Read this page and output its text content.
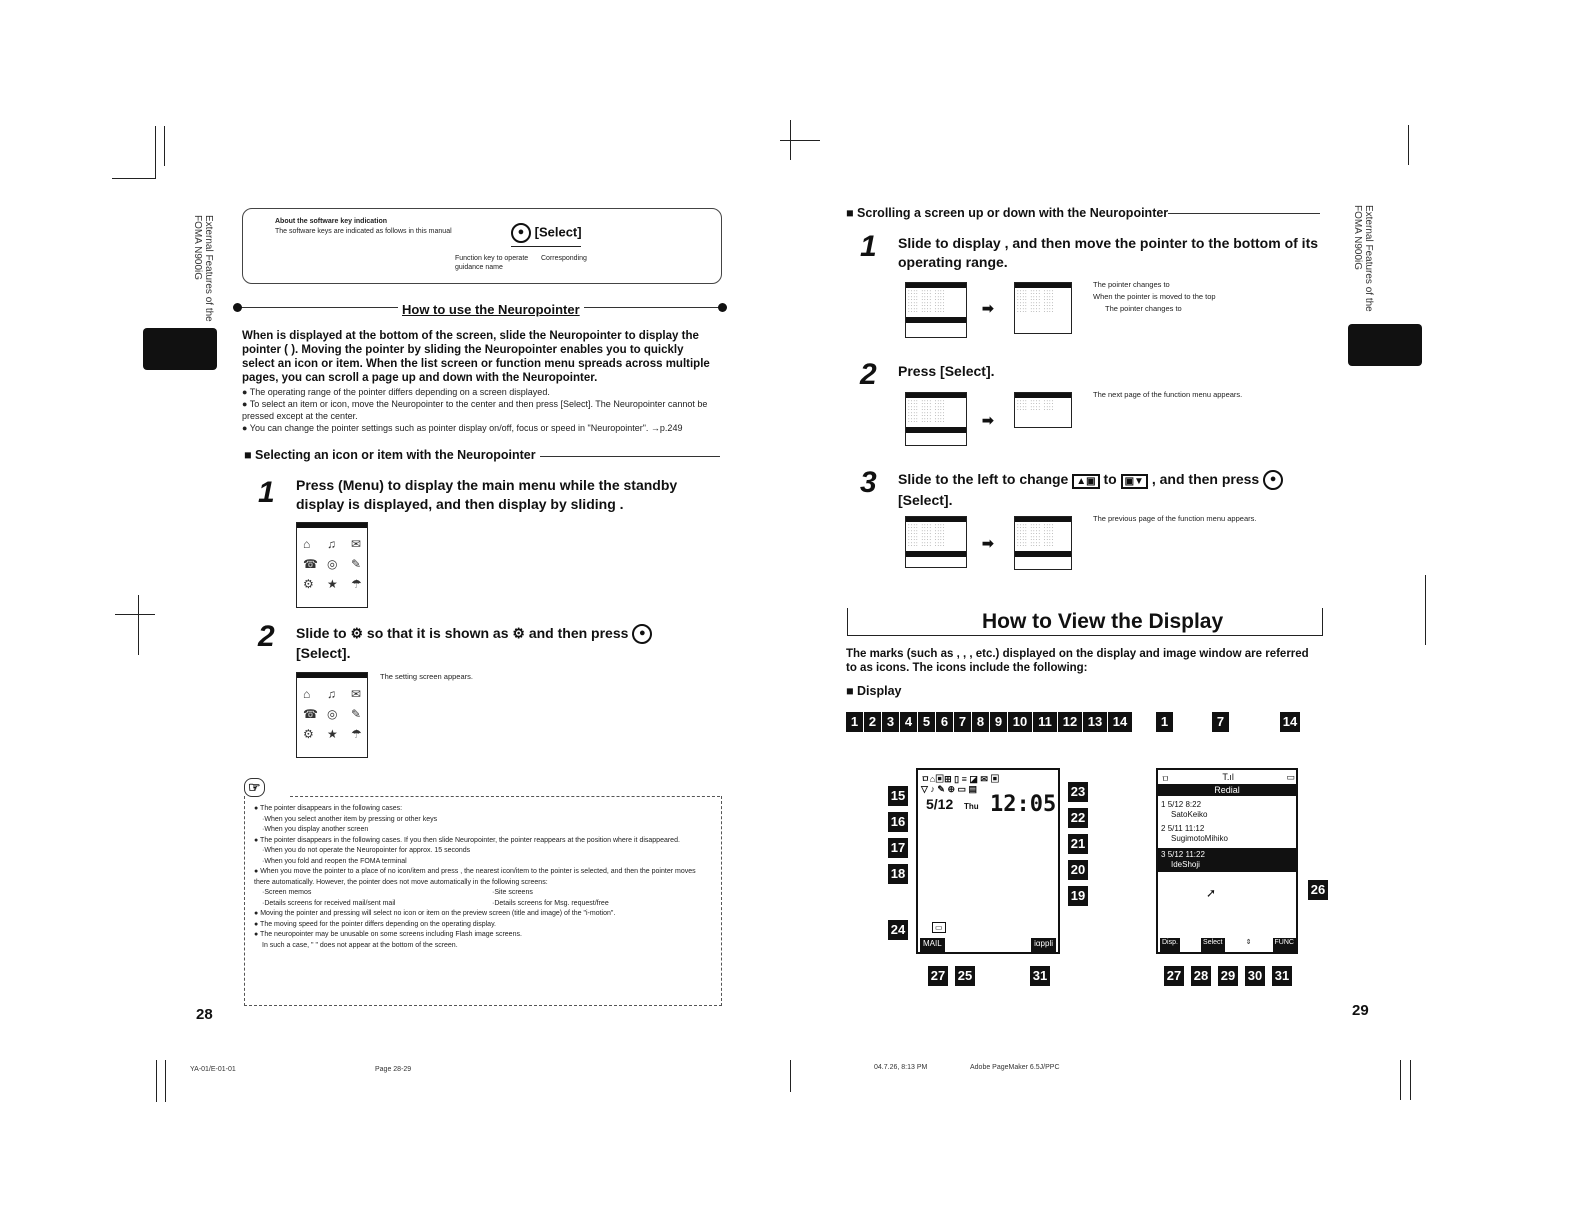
External Features of the FOMA N900iG	About the software key indication
The software keys are indicated as follows in this manual	● [Select]
Function key to operate
guidance name
Corresponding
How to use the Neuropointer
When is displayed at the bottom of the screen, slide the Neuropointer to display the pointer ( ). Moving the pointer by sliding the Neuropointer enables you to quickly select an icon or item. When the list screen or function menu spreads across multiple pages, you can scroll a page up and down with the Neuropointer.
● The operating range of the pointer differs depending on a screen displayed.
● To select an item or icon, move the Neuropointer to the center and then press [Select]. The Neuropointer cannot be pressed except at the center.
● You can change the pointer settings such as pointer display on/off, focus or speed in "Neuropointer". →p.249
■ Selecting an icon or item with the Neuropointer
1 Press (Menu) to display the main menu while the standby display is displayed, and then display by sliding .
⌂	♫	✉
☎ ◎	✎
⚙	★	☂
2 Slide to ⚙ so that it is shown as ⚙ and then press ●
[Select].
⌂	♫	✉
☎ ◎	✎
⚙	★	☂
The setting screen appears.
☞
● The pointer disappears in the following cases:
·When you select another item by pressing or other keys
·When you display another screen
● The pointer disappears in the following cases. If you then slide Neuropointer, the pointer reappears at the position where it disappeared.
·When you do not operate the Neuropointer for approx. 15 seconds
·When you fold and reopen the FOMA terminal
● When you move the pointer to a place of no icon/item and press , the nearest icon/item to the pointer is selected, and then the pointer moves there automatically. However, the pointer does not move automatically in the following screens:
·Screen memos	·Site screens
·Details screens for received mail/sent mail	·Details screens for Msg. request/free
● Moving the pointer and pressing will select no icon or item on the preview screen (title and image) of the "i-motion".
● The moving speed for the pointer differs depending on the operating display.
● The neuropointer may be unusable on some screens including Flash image screens.
In such a case, " " does not appear at the bottom of the screen.
28
YA-01/E-01-01	Page 28-29
External Features of the FOMA N900iG
■ Scrolling a screen up or down with the Neuropointer
1 Slide to display , and then move the pointer to the bottom of its operating range.
:::: :::: ::::
:::: :::: ::::
:::: :::: ::::
:::: :::: ::::	➡
:::: :::: ::::
:::: :::: ::::
:::: :::: ::::
:::: :::: ::::
The pointer changes to
When the pointer is moved to the top
The pointer changes to
2 Press [Select].
:::: :::: ::::
:::: :::: ::::
:::: :::: ::::
:::: :::: ::::	➡
:::: :::: ::::
:::: :::: ::::
The next page of the function menu appears.
3 Slide to the left to change ▲▣ to ▣▼ , and then press ●
[Select].
:::: :::: ::::
:::: :::: ::::
:::: :::: ::::
:::: :::: ::::	➡
:::: :::: ::::
:::: :::: ::::
:::: :::: ::::
:::: :::: ::::
The previous page of the function menu appears.
How to View the Display
The marks (such as , , , etc.) displayed on the display and image window are referred to as icons. The icons include the following:
■ Display
1 2 3 4 5 6 7 8 9 10 11 12 13 14	1	7	14
ㅁ⌂▣⊞ ▯ ≡ ◪ ✉ ▣
▽ ♪ ✎ ⊕ ▭ ▤
5/12 Thu 12:05
▭
MAIL	iαppli
15
16
17
18
24
23
22
21
20
19
27 25	31
ㅁ	T.ıl	▭
Redial
1 5/12 8:22
SatoKeiko
2 5/11 11:12
SugimotoMihiko
3 5/12 11:22
IdeShoji
➚
Disp.	Select	⇕	FUNC
26
27 28 29 30 31
29
04.7.26, 8:13 PM	Adobe PageMaker 6.5J/PPC
